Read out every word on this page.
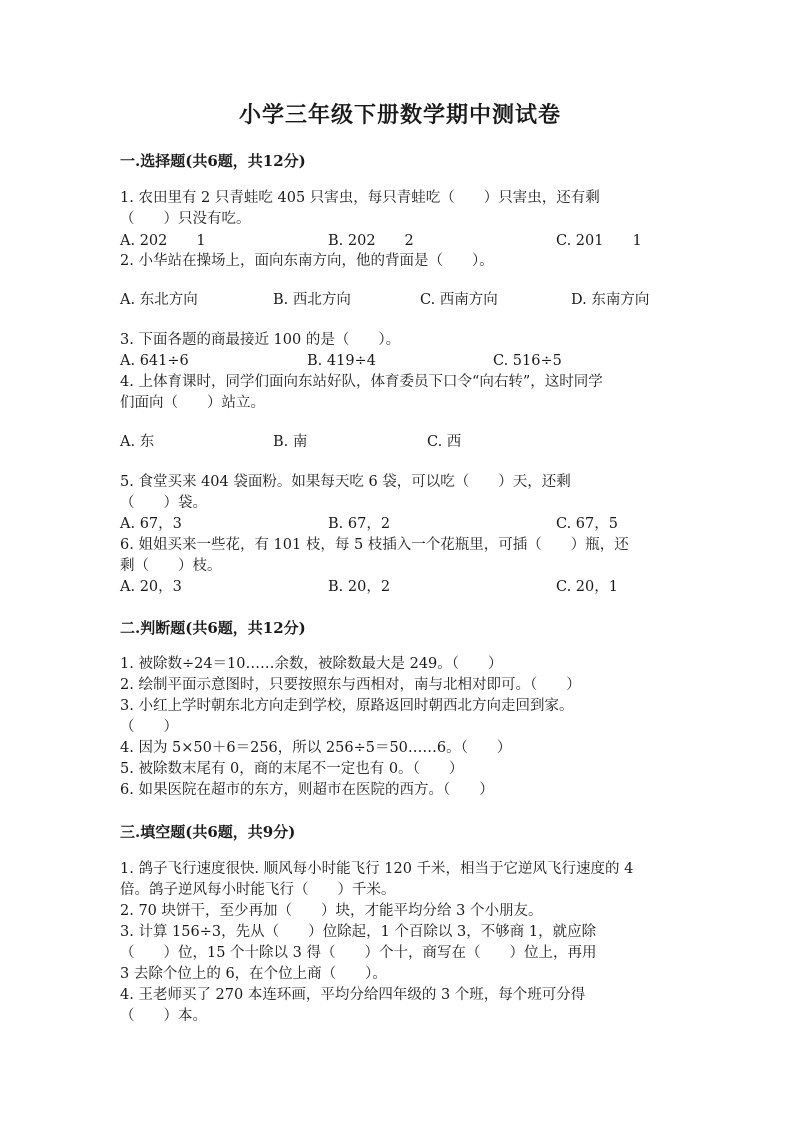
小学三年级下册数学期中测试卷
一.选择题(共6题，共12分)
1. 农田里有 2 只青蛙吃 405 只害虫，每只青蛙吃（　　）只害虫，还有剩
（　　）只没有吃。
A. 202　　1	B. 202　　2	C. 201　　1
2. 小华站在操场上，面向东南方向，他的背面是（　　）。
A. 东北方向	B. 西北方向	C. 西南方向	D. 东南方向
3. 下面各题的商最接近 100 的是（　　）。
A. 641÷6	B. 419÷4	C. 516÷5
4. 上体育课时，同学们面向东站好队，体育委员下口令“向右转”，这时同学
们面向（　　）站立。
A. 东	B. 南	C. 西
5. 食堂买来 404 袋面粉。如果每天吃 6 袋，可以吃（　　）天，还剩
（　　）袋。
A. 67，3	B. 67，2	C. 67，5
6. 姐姐买来一些花，有 101 枝，每 5 枝插入一个花瓶里，可插（　　）瓶，还
剩（　　）枝。
A. 20，3	B. 20，2	C. 20，1
二.判断题(共6题，共12分)
1. 被除数÷24＝10……余数，被除数最大是 249。（　　）
2. 绘制平面示意图时，只要按照东与西相对，南与北相对即可。（　　）
3. 小红上学时朝东北方向走到学校，原路返回时朝西北方向走回到家。
（　　）
4. 因为 5×50＋6＝256，所以 256÷5＝50……6。（　　）
5. 被除数末尾有 0，商的末尾不一定也有 0。（　　）
6. 如果医院在超市的东方，则超市在医院的西方。（　　）
三.填空题(共6题，共9分)
1. 鸽子飞行速度很快. 顺风每小时能飞行 120 千米，相当于它逆风飞行速度的 4
倍。鸽子逆风每小时能飞行（　　）千米。
2. 70 块饼干，至少再加（　　）块，才能平均分给 3 个小朋友。
3. 计算 156÷3，先从（　　）位除起，1 个百除以 3，不够商 1，就应除
（　　）位，15 个十除以 3 得（　　）个十，商写在（　　）位上，再用
3 去除个位上的 6，在个位上商（　　）。
4. 王老师买了 270 本连环画，平均分给四年级的 3 个班，每个班可分得
（　　）本。
